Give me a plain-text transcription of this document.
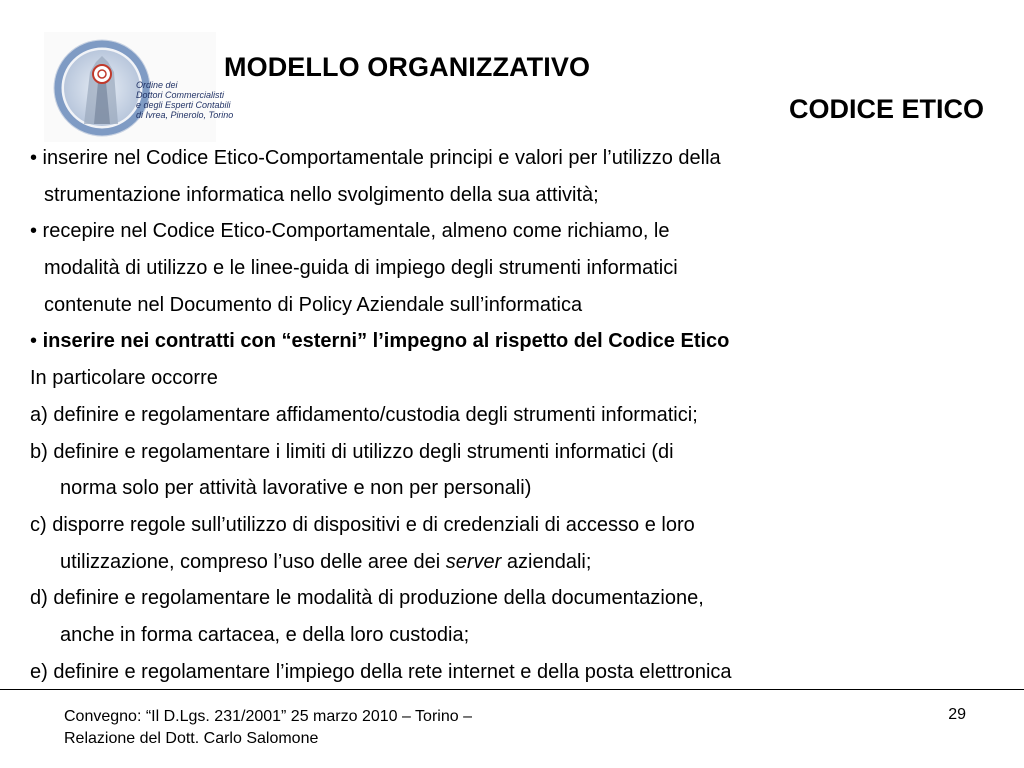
Ordine dei
Dottori Commercialisti
e degli Esperti Contabili
di Ivrea, Pinerolo, Torino
MODELLO ORGANIZZATIVO
CODICE ETICO
• inserire nel Codice Etico-Comportamentale principi e valori per l’utilizzo della
strumentazione informatica nello svolgimento della sua attività;
• recepire nel Codice Etico-Comportamentale, almeno come richiamo, le
modalità di utilizzo e le linee-guida di impiego degli strumenti informatici
contenute nel Documento di Policy Aziendale sull’informatica
• inserire nei contratti con “esterni” l’impegno al rispetto del Codice Etico
In particolare occorre
a) definire e regolamentare affidamento/custodia degli strumenti informatici;
b) definire e regolamentare i limiti di utilizzo degli strumenti informatici (di
norma solo per attività lavorative e non per personali)
c) disporre regole sull’utilizzo di dispositivi e di credenziali di accesso e loro
utilizzazione, compreso l’uso delle aree dei server aziendali;
d) definire e regolamentare le modalità di produzione della documentazione,
anche in forma cartacea, e della loro custodia;
e) definire e regolamentare l’impiego della rete internet e della posta elettronica
Convegno: “Il D.Lgs. 231/2001” 25 marzo 2010 – Torino –
Relazione del Dott. Carlo Salomone
29
